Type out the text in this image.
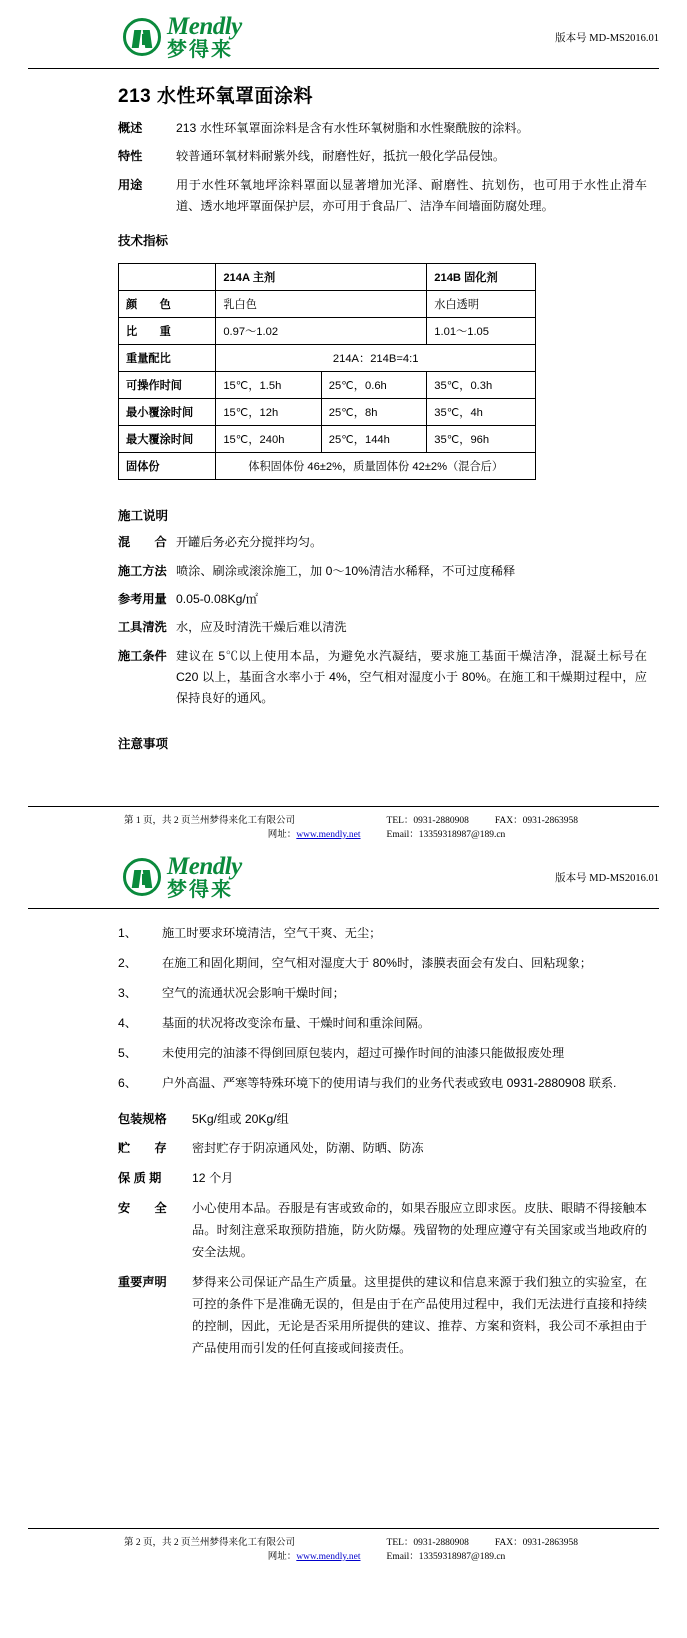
Mendly
梦得来
版本号 MD-MS2016.01
213 水性环氧罩面涂料
概述	213 水性环氧罩面涂料是含有水性环氧树脂和水性聚酰胺的涂料。
特性	较普通环氧材料耐紫外线，耐磨性好，抵抗一般化学品侵蚀。
用途	用于水性环氧地坪涂料罩面以显著增加光泽、耐磨性、抗划伤，也可用于水性止滑车道、透水地坪罩面保护层，亦可用于食品厂、洁净车间墙面防腐处理。
技术指标
	214A 主剂		214B 固化剂
颜　　色	乳白色		水白透明
比　　重	0.97～1.02		1.01～1.05
重量配比	214A：214B=4:1		
可操作时间	15℃，1.5h	25℃，0.6h	35℃，0.3h
最小覆涂时间	15℃，12h	25℃，8h	35℃，4h
最大覆涂时间	15℃，240h	25℃，144h	35℃，96h
固体份	体积固体份 46±2%，质量固体份 42±2%（混合后）		
施工说明
混　　合 开罐后务必充分搅拌均匀。
施工方法 喷涂、刷涂或滚涂施工，加 0～10%清洁水稀释，不可过度稀释
参考用量 0.05-0.08Kg/㎡
工具清洗 水，应及时清洗干燥后难以清洗
施工条件 建议在 5℃以上使用本品，为避免水汽凝结，要求施工基面干燥洁净，混凝土标号在 C20 以上，基面含水率小于 4%，空气相对湿度小于 80%。在施工和干燥期过程中，应保持良好的通风。
注意事项
第 1 页，共 2 页 兰州梦得来化工有限公司	TEL：0931-2880908	FAX：0931-2863958
网址：www.mendly.net	Email：13359318987@189.cn
Mendly
梦得来
版本号 MD-MS2016.01
1、	施工时要求环境清洁，空气干爽、无尘；
2、	在施工和固化期间，空气相对湿度大于 80%时，漆膜表面会有发白、回粘现象；
3、	空气的流通状况会影响干燥时间；
4、	基面的状况将改变涂布量、干燥时间和重涂间隔。
5、	未使用完的油漆不得倒回原包装内，超过可操作时间的油漆只能做报废处理
6、	户外高温、严寒等特殊环境下的使用请与我们的业务代表或致电 0931-2880908 联系.
包装规格	5Kg/组或 20Kg/组
贮　　存	密封贮存于阴凉通风处，防潮、防晒、防冻
保 质 期	12 个月
安　　全	小心使用本品。吞服是有害或致命的，如果吞服应立即求医。皮肤、眼睛不得接触本品。时刻注意采取预防措施，防火防爆。残留物的处理应遵守有关国家或当地政府的安全法规。
重要声明	梦得来公司保证产品生产质量。这里提供的建议和信息来源于我们独立的实验室，在可控的条件下是准确无误的，但是由于在产品使用过程中，我们无法进行直接和持续的控制，因此，无论是否采用所提供的建议、推荐、方案和资料，我公司不承担由于产品使用而引发的任何直接或间接责任。
第 2 页，共 2 页 兰州梦得来化工有限公司	TEL：0931-2880908	FAX：0931-2863958
网址：www.mendly.net	Email：13359318987@189.cn
